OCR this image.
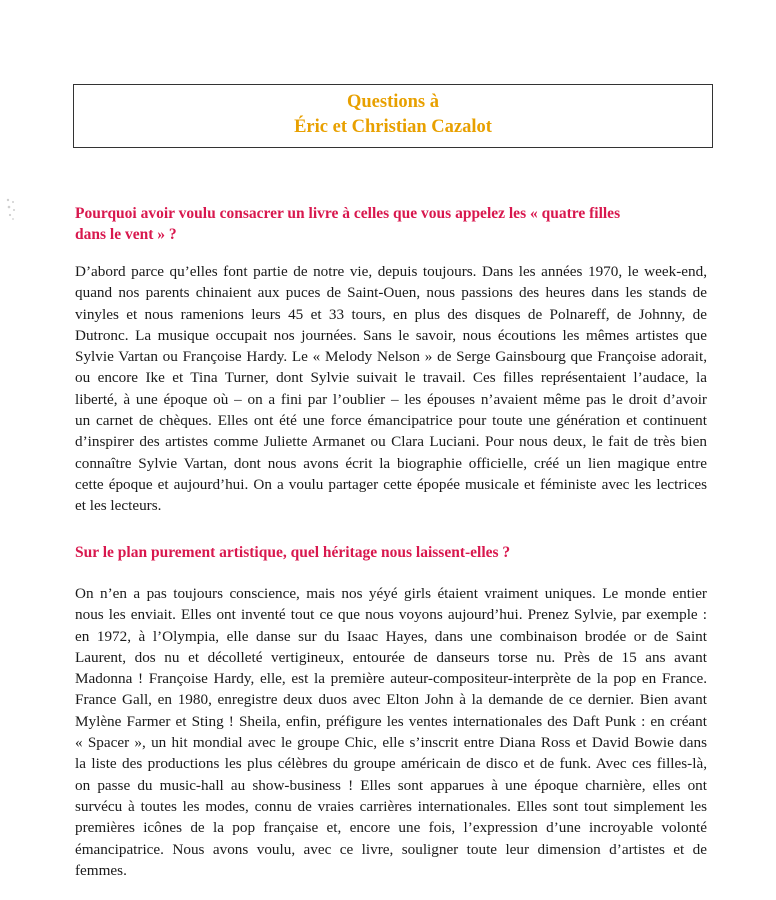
Questions à
Éric et Christian Cazalot
Pourquoi avoir voulu consacrer un livre à celles que vous appelez les « quatre filles
dans le vent » ?
D’abord parce qu’elles font partie de notre vie, depuis toujours. Dans les années 1970, le week-end,
quand nos parents chinaient aux puces de Saint-Ouen, nous passions des heures dans les stands de
vinyles et nous ramenions leurs 45 et 33 tours, en plus des disques de Polnareff, de Johnny, de
Dutronc. La musique occupait nos journées. Sans le savoir, nous écoutions les mêmes artistes que
Sylvie Vartan ou Françoise Hardy. Le « Melody Nelson » de Serge Gainsbourg que Françoise adorait,
ou encore Ike et Tina Turner, dont Sylvie suivait le travail. Ces filles représentaient l’audace, la
liberté, à une époque où – on a fini par l’oublier – les épouses n’avaient même pas le droit d’avoir
un carnet de chèques. Elles ont été une force émancipatrice pour toute une génération et continuent
d’inspirer des artistes comme Juliette Armanet ou Clara Luciani. Pour nous deux, le fait de très bien
connaître Sylvie Vartan, dont nous avons écrit la biographie officielle, créé un lien magique entre
cette époque et aujourd’hui. On a voulu partager cette épopée musicale et féministe avec les lectrices
et les lecteurs.
Sur le plan purement artistique, quel héritage nous laissent-elles ?
On n’en a pas toujours conscience, mais nos yéyé girls étaient vraiment uniques. Le monde entier
nous les enviait. Elles ont inventé tout ce que nous voyons aujourd’hui. Prenez Sylvie, par exemple :
en 1972, à l’Olympia, elle danse sur du Isaac Hayes, dans une combinaison brodée or de Saint
Laurent, dos nu et décolleté vertigineux, entourée de danseurs torse nu. Près de 15 ans avant
Madonna ! Françoise Hardy, elle, est la première auteur-compositeur-interprète de la pop en France.
France Gall, en 1980, enregistre deux duos avec Elton John à la demande de ce dernier. Bien avant
Mylène Farmer et Sting ! Sheila, enfin, préfigure les ventes internationales des Daft Punk : en créant
« Spacer », un hit mondial avec le groupe Chic, elle s’inscrit entre Diana Ross et David Bowie dans
la liste des productions les plus célèbres du groupe américain de disco et de funk. Avec ces filles-là,
on passe du music-hall au show-business ! Elles sont apparues à une époque charnière, elles ont
survécu à toutes les modes, connu de vraies carrières internationales. Elles sont tout simplement les
premières icônes de la pop française et, encore une fois, l’expression d’une incroyable volonté
émancipatrice. Nous avons voulu, avec ce livre, souligner toute leur dimension d’artistes et de
femmes.
